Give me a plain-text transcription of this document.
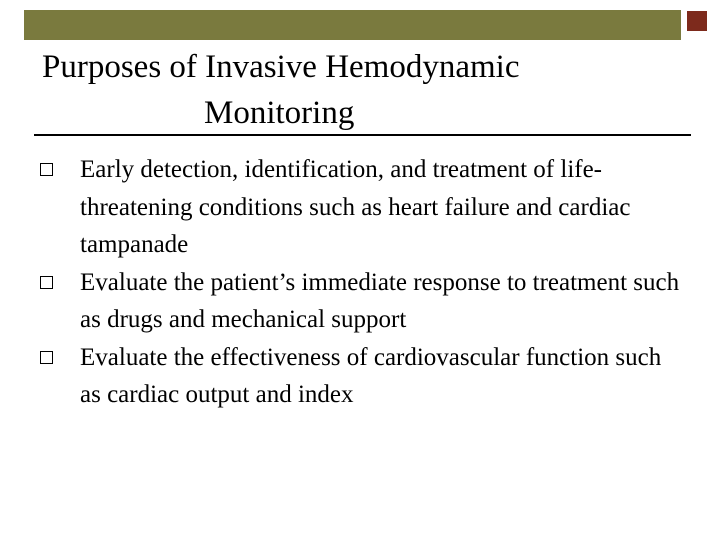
Purposes of Invasive Hemodynamic
Monitoring
Early detection, identification, and treatment of life-threatening conditions such as heart failure and cardiac tampanade
Evaluate the patient’s immediate response to treatment such as drugs and mechanical support
Evaluate the effectiveness of cardiovascular function such as cardiac output and index
